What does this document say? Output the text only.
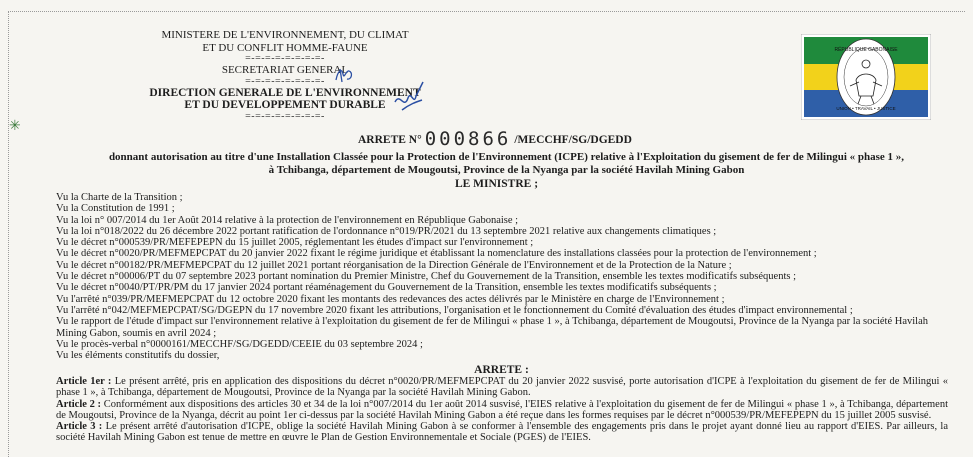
✳
MINISTERE DE L'ENVIRONNEMENT, DU CLIMAT
ET DU CONFLIT HOMME-FAUNE
=-=-=-=-=-=-=-=-
SECRETARIAT GENERAL
=-=-=-=-=-=-=-=-
DIRECTION GENERALE DE L'ENVIRONNEMENT
ET DU DEVELOPPEMENT DURABLE
=-=-=-=-=-=-=-=-
RÉPUBLIQUE GABONAISE
UNION • TRAVAIL • JUSTICE
ARRETE N° 000866 /MECCHF/SG/DGEDD
donnant autorisation au titre d'une Installation Classée pour la Protection de l'Environnement (ICPE) relative à l'Exploitation du gisement de fer de Milingui « phase 1 »,
à Tchibanga, département de Mougoutsi, Province de la Nyanga par la société Havilah Mining Gabon
LE MINISTRE ;
Vu la Charte de la Transition ;
Vu la Constitution de 1991 ;
Vu la loi n° 007/2014 du 1er Août 2014 relative à la protection de l'environnement en République Gabonaise ;
Vu la loi n°018/2022 du 26 décembre 2022 portant ratification de l'ordonnance n°019/PR/2021 du 13 septembre 2021 relative aux changements climatiques ;
Vu le décret n°000539/PR/MEFEPEPN du 15 juillet 2005, réglementant les études d'impact sur l'environnement ;
Vu le décret n°0020/PR/MEFMEPCPAT du 20 janvier 2022 fixant le régime juridique et établissant la nomenclature des installations classées pour la protection de l'environnement ;
Vu le décret n°00182/PR/MEFMEPCPAT du 12 juillet 2021 portant réorganisation de la Direction Générale de l'Environnement et de la Protection de la Nature ;
Vu le décret n°00006/PT du 07 septembre 2023 portant nomination du Premier Ministre, Chef du Gouvernement de la Transition, ensemble les textes modificatifs subséquents ;
Vu le décret n°0040/PT/PR/PM du 17 janvier 2024 portant réaménagement du Gouvernement de la Transition, ensemble les textes modificatifs subséquents ;
Vu l'arrêté n°039/PR/MEFMEPCPAT du 12 octobre 2020 fixant les montants des redevances des actes délivrés par le Ministère en charge de l'Environnement ;
Vu l'arrêté n°042/MEFMEPCPAT/SG/DGEPN du 17 novembre 2020 fixant les attributions, l'organisation et le fonctionnement du Comité d'évaluation des études d'impact environnemental ;
Vu le rapport de l'étude d'impact sur l'environnement relative à l'exploitation du gisement de fer de Milingui « phase 1 », à Tchibanga, département de Mougoutsi, Province de la Nyanga par la société Havilah Mining Gabon, soumis en avril 2024 ;
Vu le procès-verbal n°0000161/MECCHF/SG/DGEDD/CEEIE du 03 septembre 2024 ;
Vu les éléments constitutifs du dossier,
ARRETE :
Article 1er : Le présent arrêté, pris en application des dispositions du décret n°0020/PR/MEFMEPCPAT du 20 janvier 2022 susvisé, porte autorisation d'ICPE à l'exploitation du gisement de fer de Milingui « phase 1 », à Tchibanga, département de Mougoutsi, Province de la Nyanga par la société Havilah Mining Gabon.
Article 2 : Conformément aux dispositions des articles 30 et 34 de la loi n°007/2014 du 1er août 2014 susvisé, l'EIES relative à l'exploitation du gisement de fer de Milingui « phase 1 », à Tchibanga, département de Mougoutsi, Province de la Nyanga, décrit au point 1er ci-dessus par la société Havilah Mining Gabon a été reçue dans les formes requises par le décret n°000539/PR/MEFEPEPN du 15 juillet 2005 susvisé.
Article 3 : Le présent arrêté d'autorisation d'ICPE, oblige la société Havilah Mining Gabon à se conformer à l'ensemble des engagements pris dans le projet ayant donné lieu au rapport d'EIES. Par ailleurs, la société Havilah Mining Gabon est tenue de mettre en œuvre le Plan de Gestion Environnementale et Sociale (PGES) de l'EIES.
